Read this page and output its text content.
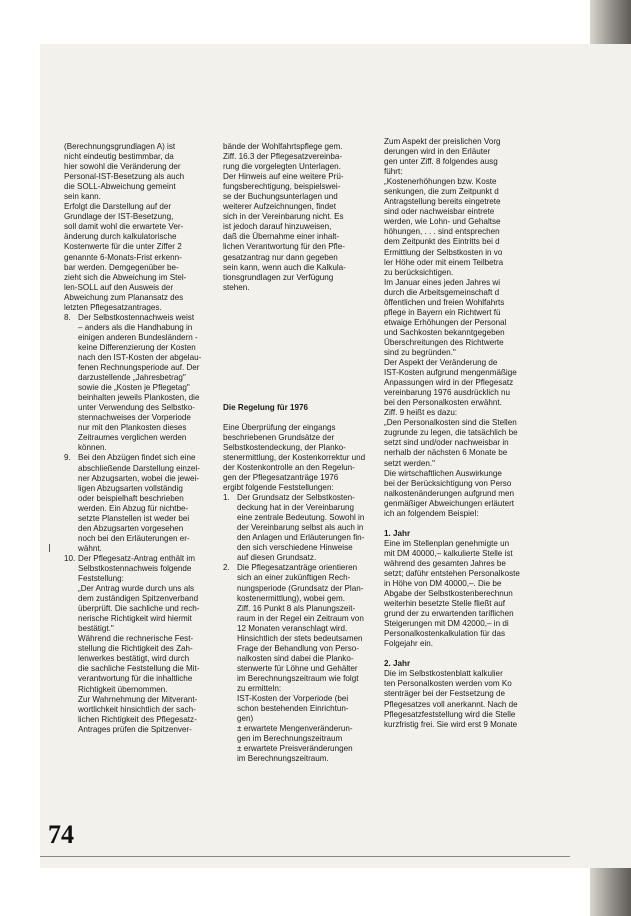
(Berechnungsgrundlagen A) ist
nicht eindeutig bestimmbar, da
hier sowohl die Veränderung der
Personal-IST-Besetzung als auch
die SOLL-Abweichung gemeint
sein kann.
Erfolgt die Darstellung auf der
Grundlage der IST-Besetzung,
soll damit wohl die erwartete Ver-
änderung durch kalkulatorische
Kostenwerte für die unter Ziffer 2
genannte 6-Monats-Frist erkenn-
bar werden. Demgegenüber be-
zieht sich die Abweichung im Stel-
len-SOLL auf den Ausweis der
Abweichung zum Planansatz des
letzten Pflegesatzantrages.
8. Der Selbstkostennachweis weist
– anders als die Handhabung in
einigen anderen Bundesländern -
keine Differenzierung der Kosten
nach den IST-Kosten der abgelau-
fenen Rechnungsperiode auf. Der
darzustellende „Jahresbetrag"
sowie die „Kosten je Pflegetag"
beinhalten jeweils Plankosten, die
unter Verwendung des Selbstko-
stennachweises der Vorperiode
nur mit den Plankosten dieses
Zeitraumes verglichen werden
können.
9. Bei den Abzügen findet sich eine
abschließende Darstellung einzel-
ner Abzugsarten, wobei die jewei-
ligen Abzugsarten vollständig
oder beispielhaft beschrieben
werden. Ein Abzug für nichtbe-
setzte Planstellen ist weder bei
den Abzugsarten vorgesehen
noch bei den Erläuterungen er-
wähnt.
10. Der Pflegesatz-Antrag enthält im
Selbstkostennachweis folgende
Feststellung:
„Der Antrag wurde durch uns als
dem zuständigen Spitzenverband
überprüft. Die sachliche und rech-
nerische Richtigkeit wird hiermit
bestätigt."
Während die rechnerische Fest-
stellung die Richtigkeit des Zah-
lenwerkes bestätigt, wird durch
die sachliche Feststellung die Mit-
verantwortung für die inhaltliche
Richtigkeit übernommen.
Zur Wahrnehmung der Mitverant-
wortlichkeit hinsichtlich der sach-
lichen Richtigkeit des Pflegesatz-
Antrages prüfen die Spitzenver-
bände der Wohlfahrtspflege gem.
Ziff. 16.3 der Pflegesatzvereinba-
rung die vorgelegten Unterlagen.
Der Hinweis auf eine weitere Prü-
fungsberechtigung, beispielswei-
se der Buchungsunterlagen und
weiterer Aufzeichnungen, findet
sich in der Vereinbarung nicht. Es
ist jedoch darauf hinzuweisen,
daß die Übernahme einer inhalt-
lichen Verantwortung für den Pfle-
gesatzantrag nur dann gegeben
sein kann, wenn auch die Kalkula-
tionsgrundlagen zur Verfügung
stehen.

Die Regelung für 1976

Eine Überprüfung der eingangs
beschriebenen Grundsätze der
Selbstkostendeckung, der Planko-
stenermittlung, der Kostenkorrektur und
der Kostenkontrolle an den Regelun-
gen der Pflegesatzanträge 1976
ergibt folgende Feststellungen:
1. Der Grundsatz der Selbstkosten-
deckung hat in der Vereinbarung
eine zentrale Bedeutung. Sowohl in
der Vereinbarung selbst als auch in
den Anlagen und Erläuterungen fin-
den sich verschiedene Hinweise
auf diesen Grundsatz.
2. Die Pflegesatzanträge orientieren
sich an einer zukünftigen Rech-
nungsperiode (Grundsatz der Plan-
kostenermittlung), wobei gem.
Ziff. 16 Punkt 8 als Planungszeit-
raum in der Regel ein Zeitraum von
12 Monaten veranschlagt wird.
Hinsichtlich der stets bedeutsamen
Frage der Behandlung von Perso-
nalkosten sind dabei die Planko-
stenwerte für Löhne und Gehälter
im Berechnungszeitraum wie folgt
zu ermitteln:
IST-Kosten der Vorperiode (bei
schon bestehenden Einrichtun-
gen)
± erwartete Mengenveränderun-
gen im Berechnungszeitraum
± erwartete Preisveränderungen
im Berechnungszeitraum.
Zum Aspekt der preislichen Vorg
derungen wird in den Erläuter
gen unter Ziff. 8 folgendes ausg
führt:
„Kostenerhöhungen bzw. Koste
senkungen, die zum Zeitpunkt d
Antragstellung bereits eingetrete
sind oder nachweisbar eintrete
werden, wie Lohn- und Gehaltse
höhungen, . . . sind entsprechen
dem Zeitpunkt des Eintritts bei d
Ermittlung der Selbstkosten in vo
ler Höhe oder mit einem Teilbetra
zu berücksichtigen.
Im Januar eines jeden Jahres wi
durch die Arbeitsgemeinschaft d
öffentlichen und freien Wohlfahrts
pflege in Bayern ein Richtwert fü
etwaige Erhöhungen der Personal
und Sachkosten bekanntgegeben
Überschreitungen des Richtwerte
sind zu begründen."
Der Aspekt der Veränderung de
IST-Kosten aufgrund mengenmäßige
Anpassungen wird in der Pflegesatz
vereinbarung 1976 ausdrücklich nu
bei den Personalkosten erwähnt.
Ziff. 9 heißt es dazu:
„Den Personalkosten sind die Stellen
zugrunde zu legen, die tatsächlich be
setzt sind und/oder nachweisbar in
nerhalb der nächsten 6 Monate be
setzt werden."
Die wirtschaftlichen Auswirkunge
bei der Berücksichtigung von Perso
nalkostenänderungen aufgrund men
genmäßiger Abweichungen erläutert
ich an folgendem Beispiel:

1. Jahr

Eine im Stellenplan genehmigte un
mit DM 40000,– kalkulierte Stelle ist
während des gesamten Jahres be
setzt; daführ entstehen Personalkoste
in Höhe von DM 40000,–. Die be
Abgabe der Selbstkostenberechnun
weiterhin besetzte Stelle fließt auf
grund der zu erwartenden tariflichen
Steigerungen mit DM 42000,– in di
Personalkostenkalkulation für das
Folgejahr ein.

2. Jahr

Die im Selbstkostenblatt kalkulier
ten Personalkosten werden vom Ko
stenträger bei der Festsetzung de
Pflegesatzes voll anerkannt. Nach de
Pflegesatzfeststellung wird die Stelle
kurzfristig frei. Sie wird erst 9 Monate
74
